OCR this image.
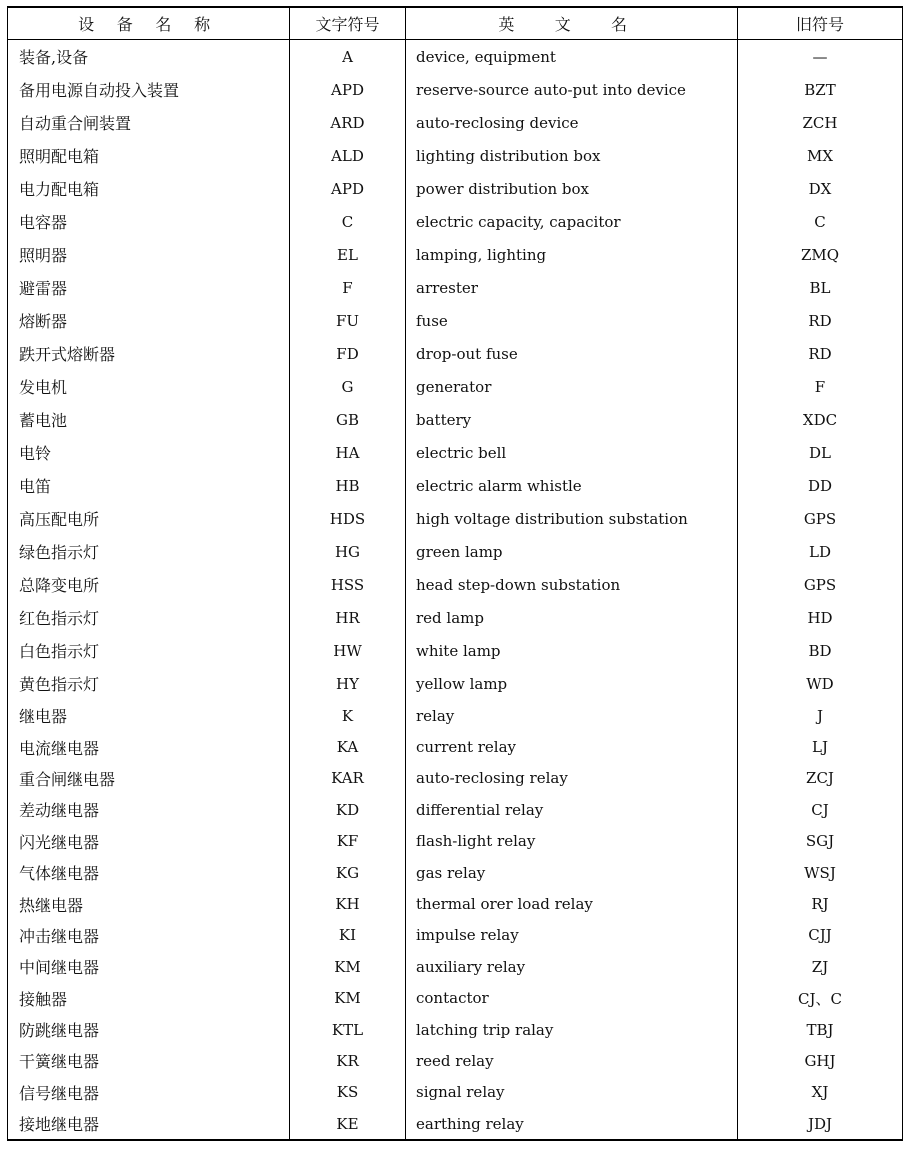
设 备 名 称	文字符号	英 文 名	旧符号
装备,设备	A	device, equipment	—
备用电源自动投入装置	APD	reserve-source auto-put into device	BZT
自动重合闸装置	ARD	auto-reclosing device	ZCH
照明配电箱	ALD	lighting distribution box	MX
电力配电箱	APD	power distribution box	DX
电容器	C	electric capacity, capacitor	C
照明器	EL	lamping, lighting	ZMQ
避雷器	F	arrester	BL
熔断器	FU	fuse	RD
跌开式熔断器	FD	drop-out fuse	RD
发电机	G	generator	F
蓄电池	GB	battery	XDC
电铃	HA	electric bell	DL
电笛	HB	electric alarm whistle	DD
高压配电所	HDS	high voltage distribution substation	GPS
绿色指示灯	HG	green lamp	LD
总降变电所	HSS	head step-down substation	GPS
红色指示灯	HR	red lamp	HD
白色指示灯	HW	white lamp	BD
黄色指示灯	HY	yellow lamp	WD
继电器	K	relay	J
电流继电器	KA	current relay	LJ
重合闸继电器	KAR	auto-reclosing relay	ZCJ
差动继电器	KD	differential relay	CJ
闪光继电器	KF	flash-light relay	SGJ
气体继电器	KG	gas relay	WSJ
热继电器	KH	thermal orer load relay	RJ
冲击继电器	KI	impulse relay	CJJ
中间继电器	KM	auxiliary relay	ZJ
接触器	KM	contactor	CJ、C
防跳继电器	KTL	latching trip ralay	TBJ
干簧继电器	KR	reed relay	GHJ
信号继电器	KS	signal relay	XJ
接地继电器	KE	earthing relay	JDJ
